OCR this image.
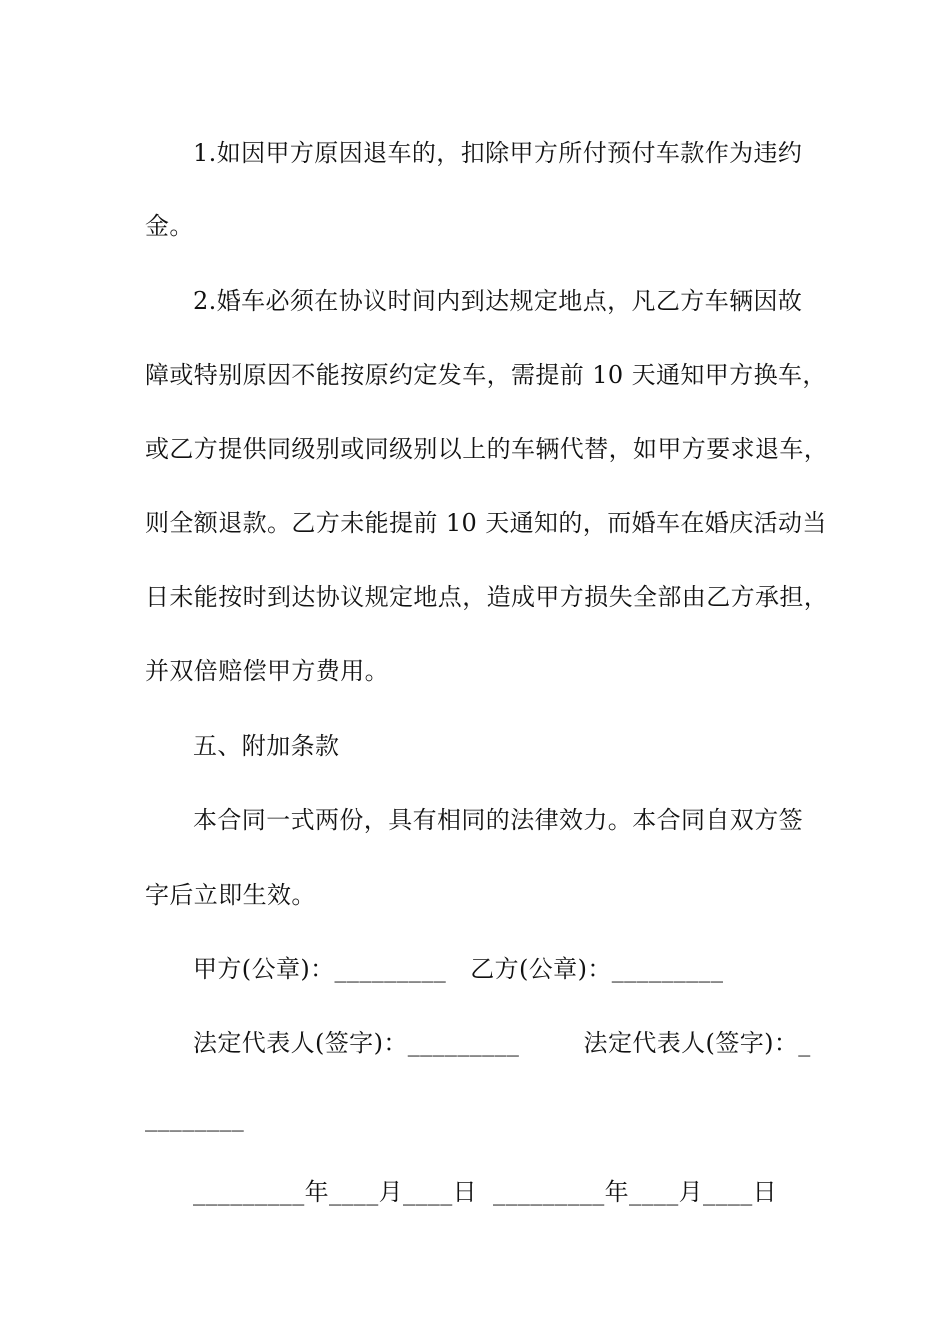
1.如因甲方原因退车的，扣除甲方所付预付车款作为违约
金。
2.婚车必须在协议时间内到达规定地点，凡乙方车辆因故
障或特别原因不能按原约定发车，需提前 10 天通知甲方换车，
或乙方提供同级别或同级别以上的车辆代替，如甲方要求退车，
则全额退款。乙方未能提前 10 天通知的，而婚车在婚庆活动当
日未能按时到达协议规定地点，造成甲方损失全部由乙方承担，
并双倍赔偿甲方费用。
五、附加条款
本合同一式两份，具有相同的法律效力。本合同自双方签
字后立即生效。
甲方(公章)：_________   乙方(公章)：_________
法定代表人(签字)：_________        法定代表人(签字)：_
________
_________年____月____日  _________年____月____日
